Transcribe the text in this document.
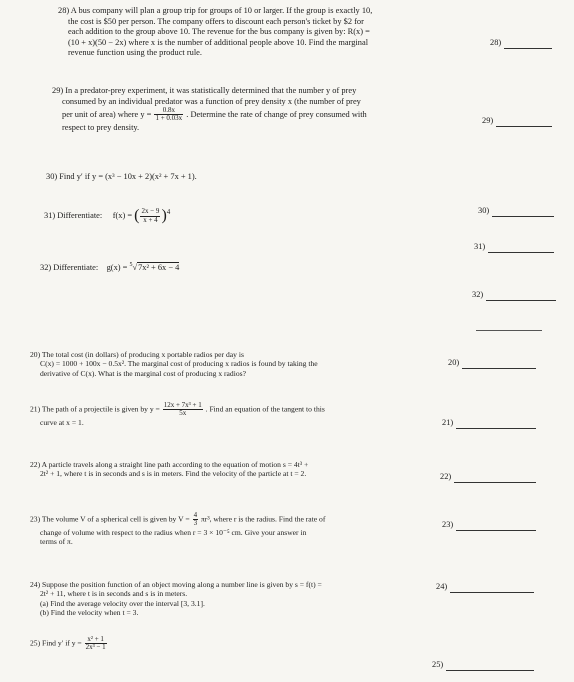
28) A bus company will plan a group trip for groups of 10 or larger. If the group is exactly 10,

the cost is $50 per person. The company offers to discount each person's ticket by $2 for

each addition to the group above 10. The revenue for the bus company is given by: R(x) =

(10 + x)(50 − 2x) where x is the number of additional people above 10. Find the marginal

revenue function using the product rule.

28)

29) In a predator-prey experiment, it was statistically determined that the number y of prey

consumed by an individual predator was a function of prey density x (the number of prey

per unit of area) where $y = \frac{0.8x}{1 + 0.03x}$ . Determine the rate of change of prey consumed with

respect to prey density.

29)

30) Find y′ if y = (x³ − 10x + 2)(x² + 7x + 1).

30)

31) Differentiate: f(x) = ( $\frac{2x - 9}{x + 4} )^4$

31)

32) Differentiate: g(x) = $^5$√7x² + 6x − 4

32)

20) The total cost (in dollars) of producing x portable radios per day is

C(x) = 1000 + 100x − 0.5x². The marginal cost of producing x radios is found by taking the

derivative of C(x). What is the marginal cost of producing x radios?

20)

21) The path of a projectile is given by $y = \frac{\text{12x + 7x³ + 1}}{5x}$ . Find an equation of the tangent to this

curve at x = 1.	21)

22) A particle travels along a straight line path according to the equation of motion s = 4t³ +

2t² + 1, where t is in seconds and s is in meters. Find the velocity of the particle at t = 2.	22)

23) The volume V of a spherical cell is given by $V = \frac{4}{3} \pi r^3$, where r is the radius. Find the rate of

change of volume with respect to the radius when r = 3 × 10⁻⁵ cm. Give your answer in

terms of π.

23)

24) Suppose the position function of an object moving along a number line is given by s = f(t) =

2t² + 11, where t is in seconds and s is in meters.

(a) Find the average velocity over the interval [3, 3.1].

(b) Find the velocity when t = 3.

24)

25) Find y′ if $y = \frac{\text{x² + 1}}{\text{2x³ − 1}}$

25)
